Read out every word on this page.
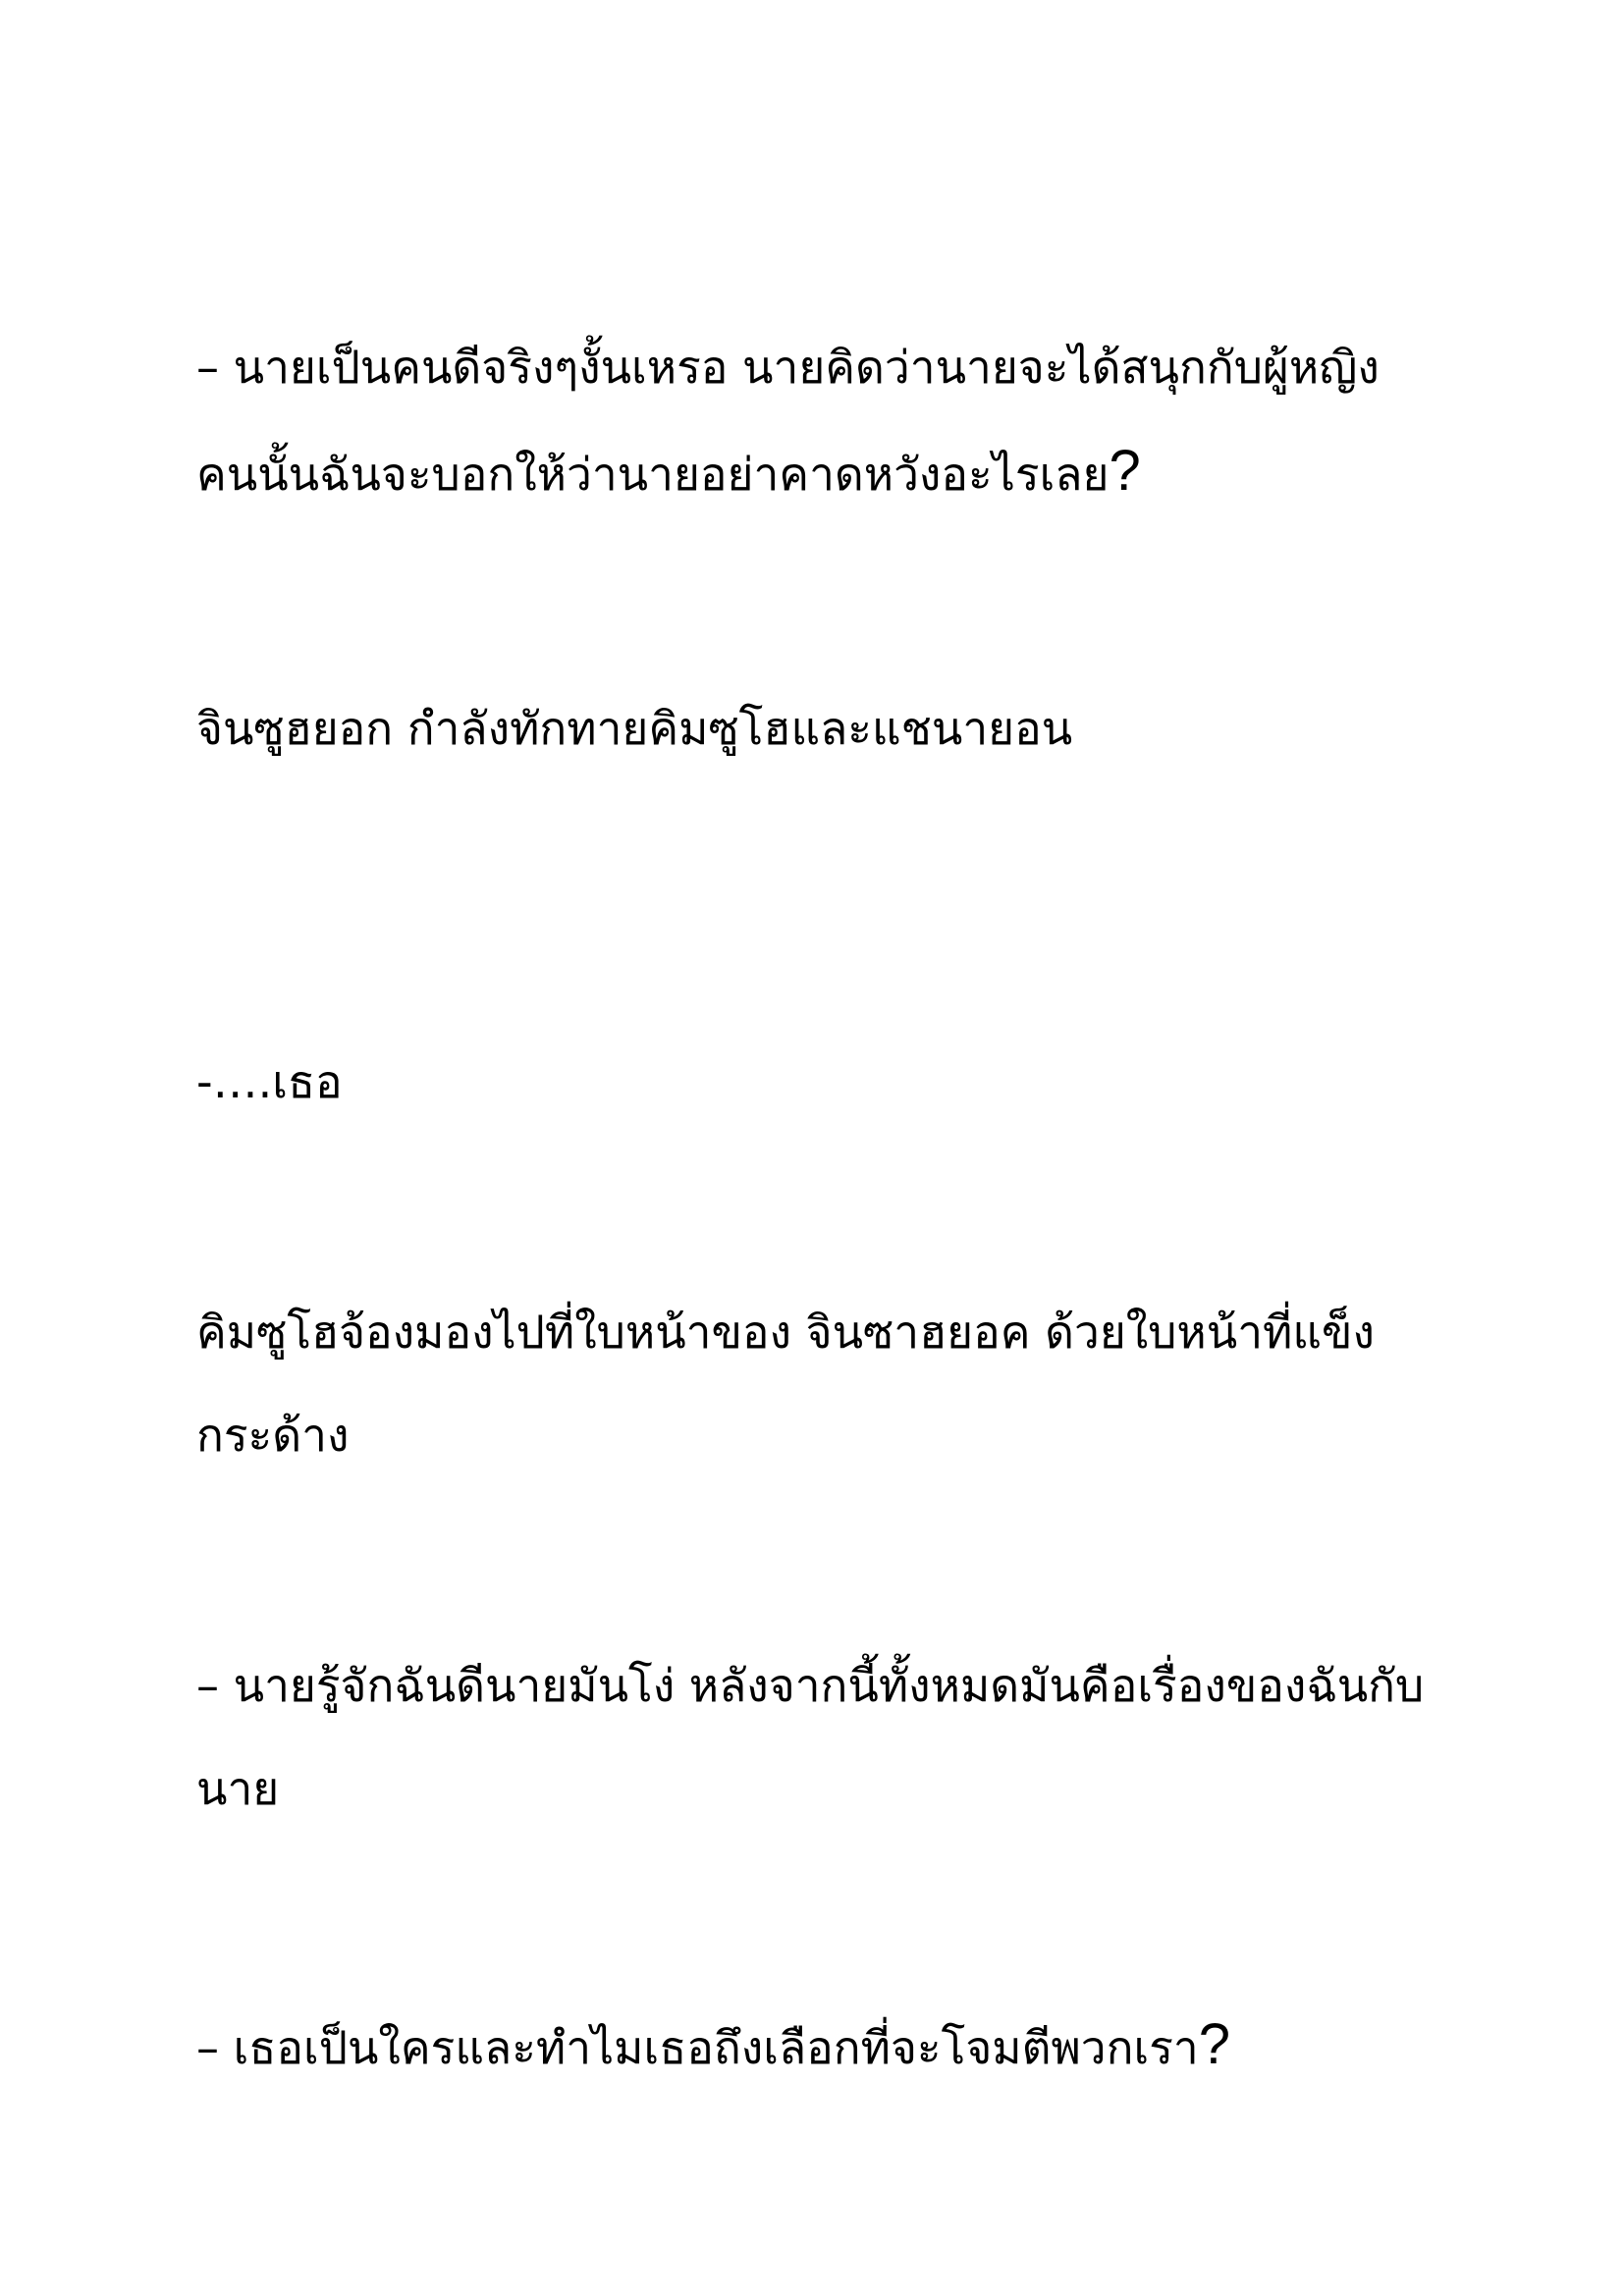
– นายเป็นคนดีจริงๆงั้นเหรอ นายคิดว่านายจะได้สนุกกับผู้หญิง
คนนั้นฉันจะบอกให้ว่านายอย่าคาดหวังอะไรเลย?

จินซูฮยอก กำลังทักทายคิมซูโฮและแชนายอน

-….เธอ

คิมซูโฮจ้องมองไปที่ใบหน้าของ จินซาฮยอค ด้วยใบหน้าที่แข็ง
กระด้าง

– นายรู้จักฉันดีนายมันโง่ หลังจากนี้ทั้งหมดมันคือเรื่องของฉันกับ
นาย

– เธอเป็นใครและทำไมเธอถึงเลือกที่จะโจมตีพวกเรา?
